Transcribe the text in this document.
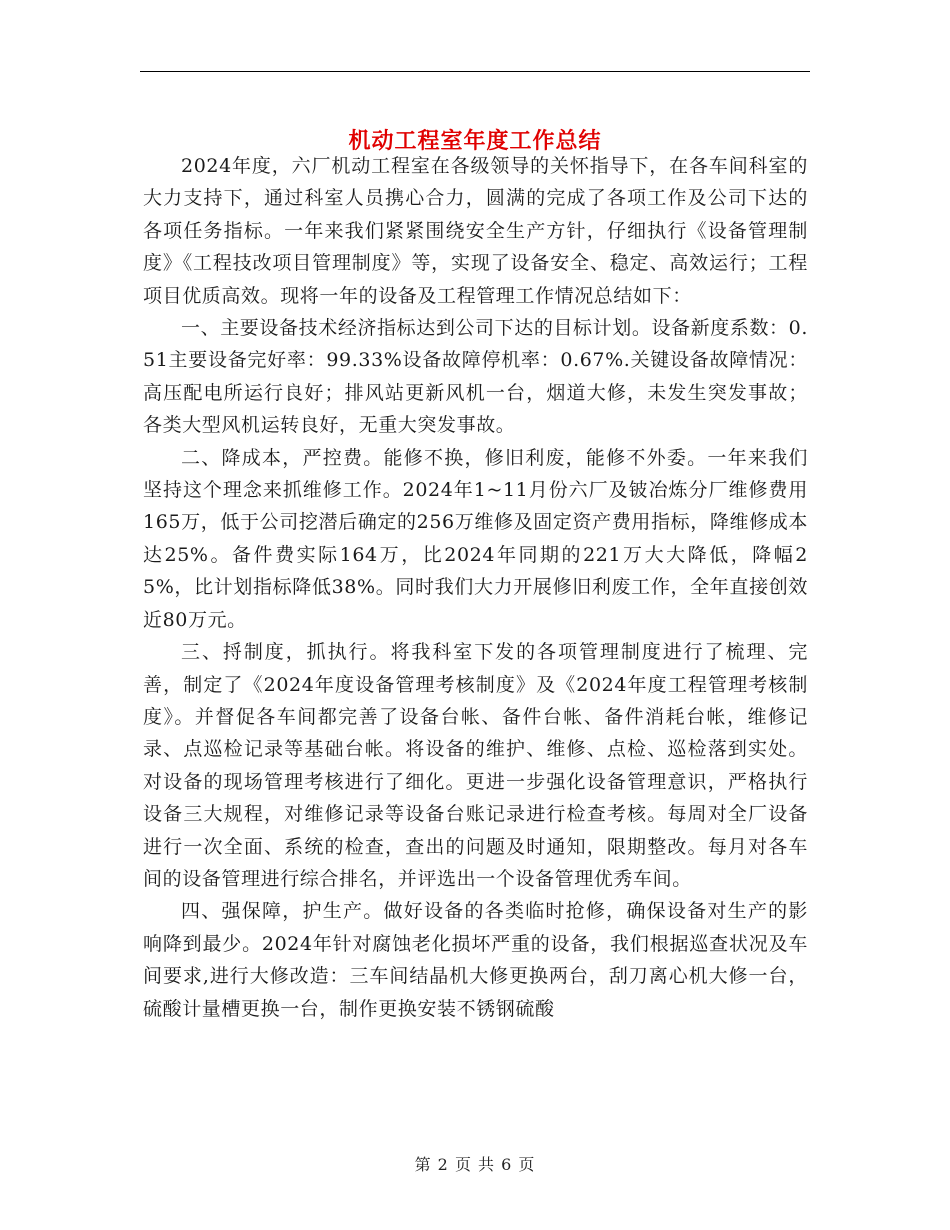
机动工程室年度工作总结

2024年度，六厂机动工程室在各级领导的关怀指导下，在各车间科室的大力支持下，通过科室人员携心合力，圆满的完成了各项工作及公司下达的各项任务指标。一年来我们紧紧围绕安全生产方针，仔细执行《设备管理制度》《工程技改项目管理制度》等，实现了设备安全、稳定、高效运行；工程项目优质高效。现将一年的设备及工程管理工作情况总结如下：

一、主要设备技术经济指标达到公司下达的目标计划。设备新度系数：0.51主要设备完好率：99.33%设备故障停机率：0.67%.关键设备故障情况：高压配电所运行良好；排风站更新风机一台，烟道大修，未发生突发事故；各类大型风机运转良好，无重大突发事故。

二、降成本，严控费。能修不换，修旧利废，能修不外委。一年来我们坚持这个理念来抓维修工作。2024年1~11月份六厂及铍冶炼分厂维修费用165万，低于公司挖潜后确定的256万维修及固定资产费用指标，降维修成本达25%。备件费实际164万，比2024年同期的221万大大降低，降幅25%，比计划指标降低38%。同时我们大力开展修旧利废工作，全年直接创效近80万元。

三、捋制度，抓执行。将我科室下发的各项管理制度进行了梳理、完善，制定了《2024年度设备管理考核制度》及《2024年度工程管理考核制度》。并督促各车间都完善了设备台帐、备件台帐、备件消耗台帐，维修记录、点巡检记录等基础台帐。将设备的维护、维修、点检、巡检落到实处。对设备的现场管理考核进行了细化。更进一步强化设备管理意识，严格执行设备三大规程，对维修记录等设备台账记录进行检查考核。每周对全厂设备进行一次全面、系统的检查，查出的问题及时通知，限期整改。每月对各车间的设备管理进行综合排名，并评选出一个设备管理优秀车间。

四、强保障，护生产。做好设备的各类临时抢修，确保设备对生产的影响降到最少。2024年针对腐蚀老化损坏严重的设备，我们根据巡查状况及车间要求,进行大修改造：三车间结晶机大修更换两台，刮刀离心机大修一台，硫酸计量槽更换一台，制作更换安装不锈钢硫酸

第 2 页 共 6 页
